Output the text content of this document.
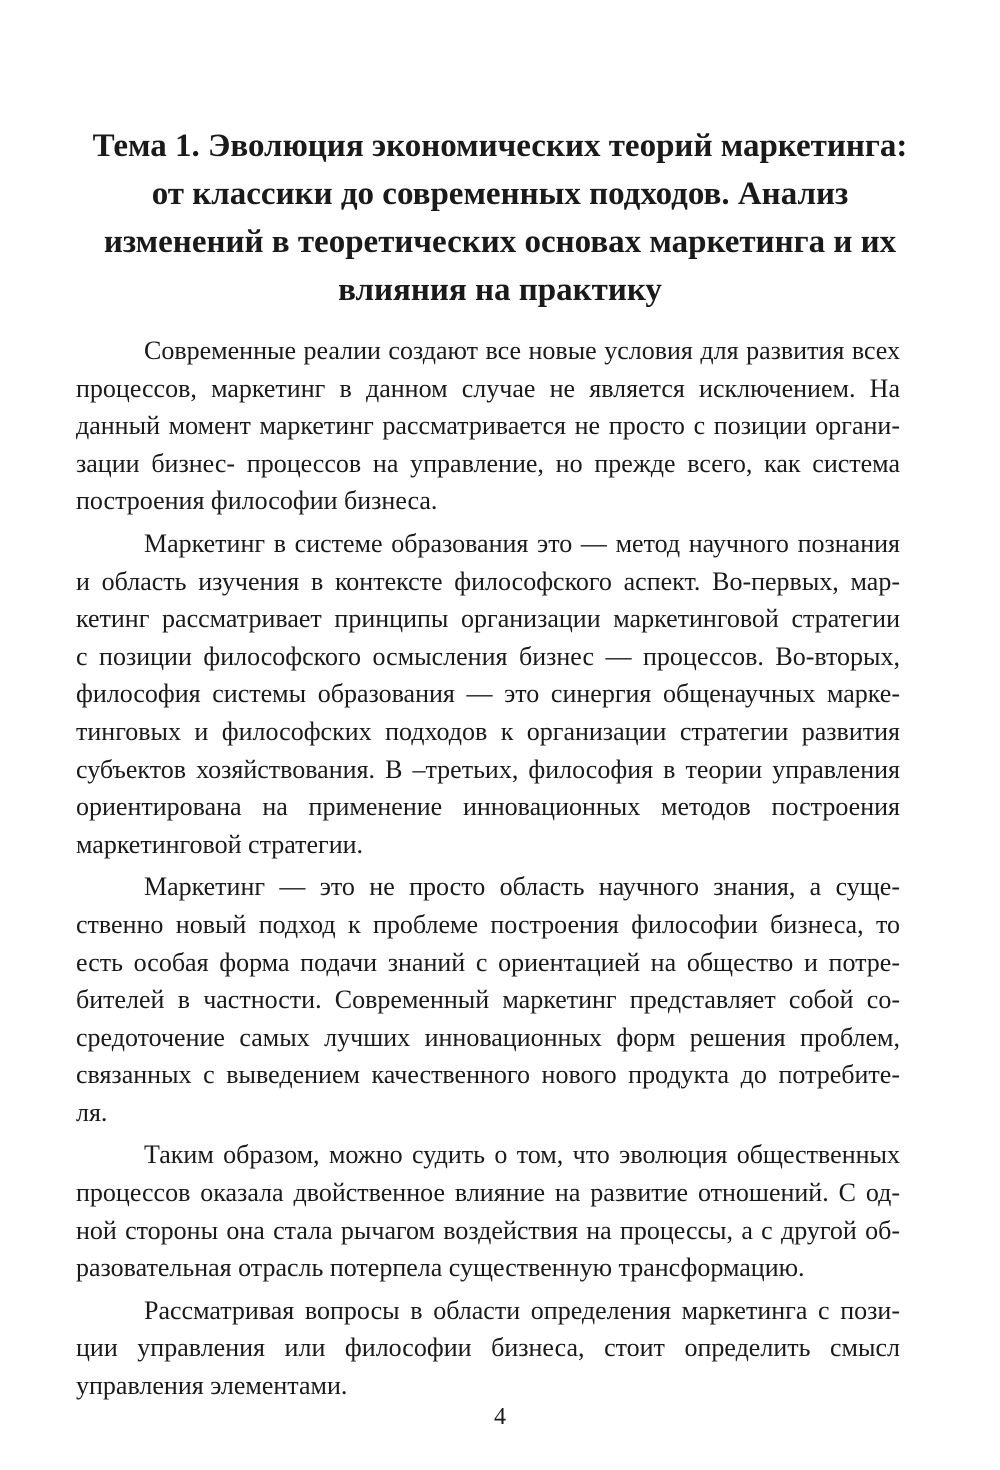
Тема 1. Эволюция экономических теорий маркетинга:
от классики до современных подходов. Анализ
изменений в теоретических основах маркетинга и их
влияния на практику

Современные реалии создают все новые условия для развития всех
процессов, маркетинг в данном случае не является исключением. На
данный момент маркетинг рассматривается не просто с позиции органи-
зации бизнес- процессов на управление, но прежде всего, как система
построения философии бизнеса.

Маркетинг в системе образования это — метод научного познания
и область изучения в контексте философского аспект. Во-первых, мар-
кетинг рассматривает принципы организации маркетинговой стратегии
с позиции философского осмысления бизнес — процессов. Во-вторых,
философия системы образования — это синергия общенаучных марке-
тинговых и философских подходов к организации стратегии развития
субъектов хозяйствования. В –третьих, философия в теории управления
ориентирована на применение инновационных методов построения
маркетинговой стратегии.

Маркетинг — это не просто область научного знания, а суще-
ственно новый подход к проблеме построения философии бизнеса, то
есть особая форма подачи знаний с ориентацией на общество и потре-
бителей в частности. Современный маркетинг представляет собой со-
средоточение самых лучших инновационных форм решения проблем,
связанных с выведением качественного нового продукта до потребите-
ля.

Таким образом, можно судить о том, что эволюция общественных
процессов оказала двойственное влияние на развитие отношений. С од-
ной стороны она стала рычагом воздействия на процессы, а с другой об-
разовательная отрасль потерпела существенную трансформацию.

Рассматривая вопросы в области определения маркетинга с пози-
ции управления или философии бизнеса, стоит определить смысл
управления элементами.

4
